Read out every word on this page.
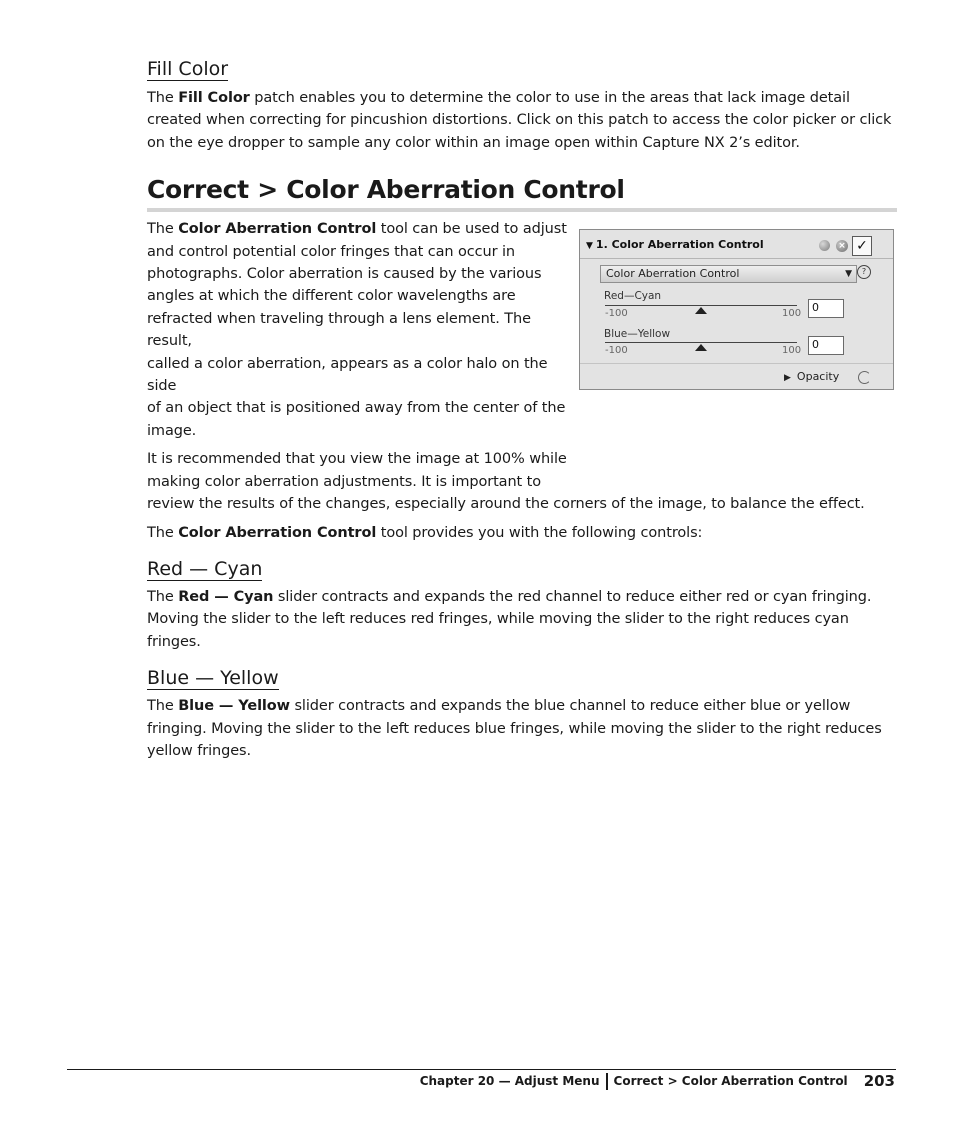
Fill Color

The Fill Color patch enables you to determine the color to use in the areas that lack image detail created when correcting for pincushion distortions. Click on this patch to access the color picker or click on the eye dropper to sample any color within an image open within Capture NX 2’s editor.

Correct > Color Aberration Control

The Color Aberration Control tool can be used to adjust
and control potential color fringes that can occur in
photographs. Color aberration is caused by the various
angles at which the different color wavelengths are
refracted when traveling through a lens element. The result,
called a color aberration, appears as a color halo on the side
of an object that is positioned away from the center of the
image.

It is recommended that you view the image at 100% while
making color aberration adjustments. It is important to
review the results of the changes, especially around the corners of the image, to balance the effect.

The Color Aberration Control tool provides you with the following controls:

Red — Cyan

The Red — Cyan slider contracts and expands the red channel to reduce either red or cyan fringing. Moving the slider to the left reduces red fringes, while moving the slider to the right reduces cyan fringes.

Blue — Yellow

The Blue — Yellow slider contracts and expands the blue channel to reduce either blue or yellow fringing. Moving the slider to the left reduces blue fringes, while moving the slider to the right reduces yellow fringes.

▼ 1. Color Aberration Control	× ✓
Color Aberration Control	▼	?
Red—Cyan
-100	100 0
Blue—Yellow
-100	100 0
▶ Opacity
Chapter 20 — Adjust Menu Correct > Color Aberration Control 203
